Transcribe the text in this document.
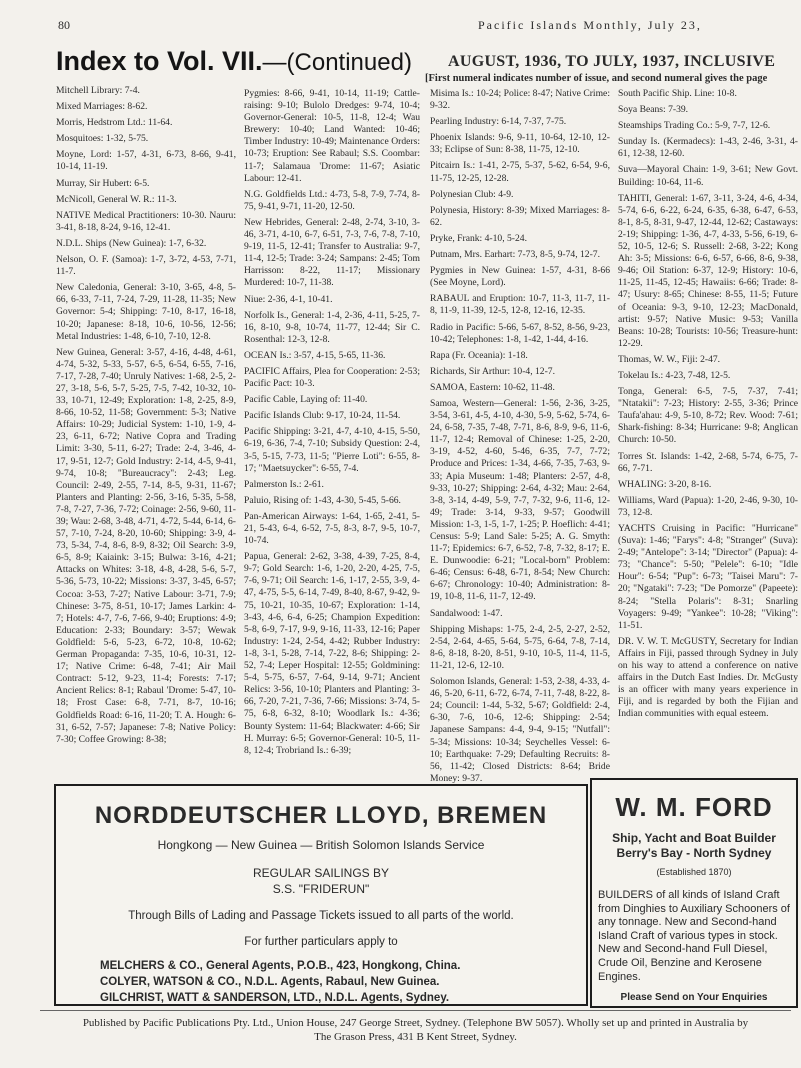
80	Pacific Islands Monthly, July 23,
Index to Vol. VII.—(Continued) AUGUST, 1936, TO JULY, 1937, INCLUSIVE
[First numeral indicates number of issue, and second numeral gives the page

Mitchell Library: 7-4.

Mixed Marriages: 8-62.

Morris, Hedstrom Ltd.: 11-64.

Mosquitoes: 1-32, 5-75.

Moyne, Lord: 1-57, 4-31, 6-73, 8-66, 9-41, 10-14, 11-19.

Murray, Sir Hubert: 6-5.

McNicoll, General W. R.: 11-3.

NATIVE Medical Practitioners: 10-30. Nauru: 3-41, 8-18, 8-24, 9-16, 12-41.

N.D.L. Ships (New Guinea): 1-7, 6-32.

Nelson, O. F. (Samoa): 1-7, 3-72, 4-53, 7-71, 11-7.

New Caledonia, General: 3-10, 3-65, 4-8, 5-66, 6-33, 7-11, 7-24, 7-29, 11-28, 11-35; New Governor: 5-4; Shipping: 7-10, 8-17, 16-18, 10-20; Japanese: 8-18, 10-6, 10-56, 12-56; Metal Industries: 1-48, 6-10, 7-10, 12-8.

New Guinea, General: 3-57, 4-16, 4-48, 4-61, 4-74, 5-32, 5-33, 5-57, 6-5, 6-54, 6-55, 7-16, 7-17, 7-28, 7-40; Unruly Natives: 1-68, 2-5, 2-27, 3-18, 5-6, 5-7, 5-25, 7-5, 7-42, 10-32, 10-33, 10-71, 12-49; Exploration: 1-8, 2-25, 8-9, 8-66, 10-52, 11-58; Government: 5-3; Native Affairs: 10-29; Judicial System: 1-10, 1-9, 4-23, 6-11, 6-72; Native Copra and Trading Limit: 3-30, 5-11, 6-27; Trade: 2-4, 3-46, 4-17, 9-51, 12-7; Gold Industry: 2-14, 4-5, 9-41, 9-74, 10-8; "Bureaucracy": 2-43; Leg. Council: 2-49, 2-55, 7-14, 8-5, 9-31, 11-67; Planters and Planting: 2-56, 3-16, 5-35, 5-58, 7-8, 7-27, 7-36, 7-72; Coinage: 2-56, 9-60, 11-39; Wau: 2-68, 3-48, 4-71, 4-72, 5-44, 6-14, 6-57, 7-10, 7-24, 8-20, 10-60; Shipping: 3-9, 4-73, 5-34, 7-4, 8-6, 8-9, 8-32; Oil Search: 3-9, 6-5, 8-9; Kaiaink: 3-15; Bulwa: 3-16, 4-21; Attacks on Whites: 3-18, 4-8, 4-28, 5-6, 5-7, 5-36, 5-73, 10-22; Missions: 3-37, 3-45, 6-57; Cocoa: 3-53, 7-27; Native Labour: 3-71, 7-9; Chinese: 3-75, 8-51, 10-17; James Larkin: 4-7; Hotels: 4-7, 7-6, 7-66, 9-40; Eruptions: 4-9; Education: 2-33; Boundary: 3-57; Wewak Goldfield: 5-6, 5-23, 6-72, 10-8, 10-62; German Propaganda: 7-35, 10-6, 10-31, 12-17; Native Crime: 6-48, 7-41; Air Mail Contract: 5-12, 9-23, 11-4; Forests: 7-17; Ancient Relics: 8-1; Rabaul 'Drome: 5-47, 10-18; Frost Case: 6-8, 7-71, 8-7, 10-16; Goldfields Road: 6-16, 11-20; T. A. Hough: 6-31, 6-52, 7-57; Japanese: 7-8; Native Policy: 7-30; Coffee Growing: 8-38;

Pygmies: 8-66, 9-41, 10-14, 11-19; Cattle-raising: 9-10; Bulolo Dredges: 9-74, 10-4; Governor-General: 10-5, 11-8, 12-4; Wau Brewery: 10-40; Land Wanted: 10-46; Timber Industry: 10-49; Maintenance Orders: 10-73; Eruption: See Rabaul; S.S. Coombar: 11-7; Salamaua 'Drome: 11-67; Asiatic Labour: 12-41.

N.G. Goldfields Ltd.: 4-73, 5-8, 7-9, 7-74, 8-75, 9-41, 9-71, 11-20, 12-50.

New Hebrides, General: 2-48, 2-74, 3-10, 3-46, 3-71, 4-10, 6-7, 6-51, 7-3, 7-6, 7-8, 7-10, 9-19, 11-5, 12-41; Transfer to Australia: 9-7, 11-4, 12-5; Trade: 3-24; Sampans: 2-45; Tom Harrisson: 8-22, 11-17; Missionary Murdered: 10-7, 11-38.

Niue: 2-36, 4-1, 10-41.

Norfolk Is., General: 1-4, 2-36, 4-11, 5-25, 7-16, 8-10, 9-8, 10-74, 11-77, 12-44; Sir C. Rosenthal: 12-3, 12-8.

OCEAN Is.: 3-57, 4-15, 5-65, 11-36.

PACIFIC Affairs, Plea for Cooperation: 2-53; Pacific Pact: 10-3.

Pacific Cable, Laying of: 11-40.

Pacific Islands Club: 9-17, 10-24, 11-54.

Pacific Shipping: 3-21, 4-7, 4-10, 4-15, 5-50, 6-19, 6-36, 7-4, 7-10; Subsidy Question: 2-4, 3-5, 5-15, 7-73, 11-5; "Pierre Loti": 6-55, 8-17; "Maetsuycker": 6-55, 7-4.

Palmerston Is.: 2-61.

Paluio, Rising of: 1-43, 4-30, 5-45, 5-66.

Pan-American Airways: 1-64, 1-65, 2-41, 5-21, 5-43, 6-4, 6-52, 7-5, 8-3, 8-7, 9-5, 10-7, 10-74.

Papua, General: 2-62, 3-38, 4-39, 7-25, 8-4, 9-7; Gold Search: 1-6, 1-20, 2-20, 4-25, 7-5, 7-6, 9-71; Oil Search: 1-6, 1-17, 2-55, 3-9, 4-47, 4-75, 5-5, 6-14, 7-49, 8-40, 8-67, 9-42, 9-75, 10-21, 10-35, 10-67; Exploration: 1-14, 3-43, 4-6, 6-4, 6-25; Champion Expedition: 5-8, 6-9, 7-17, 9-9, 9-16, 11-33, 12-16; Paper Industry: 1-24, 2-54, 4-42; Rubber Industry: 1-8, 3-1, 5-28, 7-14, 7-22, 8-6; Shipping: 2-52, 7-4; Leper Hospital: 12-55; Goldmining: 5-4, 5-75, 6-57, 7-64, 9-14, 9-71; Ancient Relics: 3-56, 10-10; Planters and Planting: 3-66, 7-20, 7-21, 7-36, 7-66; Missions: 3-74, 5-75, 6-8, 6-32, 8-10; Woodlark Is.: 4-36; Bounty System: 11-64; Blackwater: 4-66; Sir H. Murray: 6-5; Governor-General: 10-5, 11-8, 12-4; Trobriand Is.: 6-39;

Misima Is.: 10-24; Police: 8-47; Native Crime: 9-32.

Pearling Industry: 6-14, 7-37, 7-75.

Phoenix Islands: 9-6, 9-11, 10-64, 12-10, 12-33; Eclipse of Sun: 8-38, 11-75, 12-10.

Pitcairn Is.: 1-41, 2-75, 5-37, 5-62, 6-54, 9-6, 11-75, 12-25, 12-28.

Polynesian Club: 4-9.

Polynesia, History: 8-39; Mixed Marriages: 8-62.

Pryke, Frank: 4-10, 5-24.

Putnam, Mrs. Earhart: 7-73, 8-5, 9-74, 12-7.

Pygmies in New Guinea: 1-57, 4-31, 8-66 (See Moyne, Lord).

RABAUL and Eruption: 10-7, 11-3, 11-7, 11-8, 11-9, 11-39, 12-5, 12-8, 12-16, 12-35.

Radio in Pacific: 5-66, 5-67, 8-52, 8-56, 9-23, 10-42; Telephones: 1-8, 1-42, 1-44, 4-16.

Rapa (Fr. Oceania): 1-18.

Richards, Sir Arthur: 10-4, 12-7.

SAMOA, Eastern: 10-62, 11-48.

Samoa, Western—General: 1-56, 2-36, 3-25, 3-54, 3-61, 4-5, 4-10, 4-30, 5-9, 5-62, 5-74, 6-24, 6-58, 7-35, 7-48, 7-71, 8-6, 8-9, 9-6, 11-6, 11-7, 12-4; Removal of Chinese: 1-25, 2-20, 3-19, 4-52, 4-60, 5-46, 6-35, 7-7, 7-72; Produce and Prices: 1-34, 4-66, 7-35, 7-63, 9-33; Apia Museum: 1-48; Planters: 2-57, 4-8, 9-33, 10-27; Shipping: 2-64, 4-32; Mau: 2-64, 3-8, 3-14, 4-49, 5-9, 7-7, 7-32, 9-6, 11-6, 12-49; Trade: 3-14, 9-33, 9-57; Goodwill Mission: 1-3, 1-5, 1-7, 1-25; P. Hoeflich: 4-41; Census: 5-9; Land Sale: 5-25; A. G. Smyth: 11-7; Epidemics: 6-7, 6-52, 7-8, 7-32, 8-17; E. E. Dunwoodie: 6-21; "Local-born" Problem: 6-46; Census: 6-48, 6-71, 8-54; New Church: 6-67; Chronology: 10-40; Administration: 8-19, 10-8, 11-6, 11-7, 12-49.

Sandalwood: 1-47.

Shipping Mishaps: 1-75, 2-4, 2-5, 2-27, 2-52, 2-54, 2-64, 4-65, 5-64, 5-75, 6-64, 7-8, 7-14, 8-6, 8-18, 8-20, 8-51, 9-10, 10-5, 11-4, 11-5, 11-21, 12-6, 12-10.

Solomon Islands, General: 1-53, 2-38, 4-33, 4-46, 5-20, 6-11, 6-72, 6-74, 7-11, 7-48, 8-22, 8-24; Council: 1-44, 5-32, 5-67; Goldfield: 2-4, 6-30, 7-6, 10-6, 12-6; Shipping: 2-54; Japanese Sampans: 4-4, 9-4, 9-15; "Nutfall": 5-34; Missions: 10-34; Seychelles Vessel: 6-10; Earthquake: 7-29; Defaulting Recruits: 8-56, 11-42; Closed Districts: 8-64; Bride Money: 9-37.

South Pacific Ship. Line: 10-8.

Soya Beans: 7-39.

Steamships Trading Co.: 5-9, 7-7, 12-6.

Sunday Is. (Kermadecs): 1-43, 2-46, 3-31, 4-61, 12-38, 12-60.

Suva—Mayoral Chain: 1-9, 3-61; New Govt. Building: 10-64, 11-6.

TAHITI, General: 1-67, 3-11, 3-24, 4-6, 4-34, 5-74, 6-6, 6-22, 6-24, 6-35, 6-38, 6-47, 6-53, 8-1, 8-5, 8-31, 9-47, 12-44, 12-62; Castaways: 2-19; Shipping: 1-36, 4-7, 4-33, 5-56, 6-19, 6-52, 10-5, 12-6; S. Russell: 2-68, 3-22; Kong Ah: 3-5; Missions: 6-6, 6-57, 6-66, 8-6, 9-38, 9-46; Oil Station: 6-37, 12-9; History: 10-6, 11-25, 11-45, 12-45; Hawaiis: 6-66; Trade: 8-47; Usury: 8-65; Chinese: 8-55, 11-5; Future of Oceania: 9-3, 9-10, 12-23; MacDonald, artist: 9-57; Native Music: 9-53; Vanilla Beans: 10-28; Tourists: 10-56; Treasure-hunt: 12-29.

Thomas, W. W., Fiji: 2-47.

Tokelau Is.: 4-23, 7-48, 12-5.

Tonga, General: 6-5, 7-5, 7-37, 7-41; "Ntatakii": 7-23; History: 2-55, 3-36; Prince Taufa'ahau: 4-9, 5-10, 8-72; Rev. Wood: 7-61; Shark-fishing: 8-34; Hurricane: 9-8; Anglican Church: 10-50.

Torres St. Islands: 1-42, 2-68, 5-74, 6-75, 7-66, 7-71.

WHALING: 3-20, 8-16.

Williams, Ward (Papua): 1-20, 2-46, 9-30, 10-73, 12-8.

YACHTS Cruising in Pacific: "Hurricane" (Suva): 1-46; "Farys": 4-8; "Stranger" (Suva): 2-49; "Antelope": 3-14; "Director" (Papua): 4-73; "Chance": 5-50; "Pelele": 6-10; "Idle Hour": 6-54; "Pup": 6-73; "Taisei Maru": 7-20; "Ngataki": 7-23; "De Pomorze" (Papeete): 8-24; "Stella Polaris": 8-31; Snarling Voyagers: 9-49; "Yankee": 10-28; "Viking": 11-51.

DR. V. W. T. McGUSTY, Secretary for Indian Affairs in Fiji, passed through Sydney in July on his way to attend a conference on native affairs in the Dutch East Indies. Dr. McGusty is an officer with many years experience in Fiji, and is regarded by both the Fijian and Indian communities with equal esteem.

NORDDEUTSCHER LLOYD, BREMEN
Hongkong — New Guinea — British Solomon Islands Service
REGULAR SAILINGS BY
S.S. "FRIDERUN"
Through Bills of Lading and Passage Tickets issued to all parts of the world.
For further particulars apply to
MELCHERS & CO., General Agents, P.O.B., 423, Hongkong, China.
COLYER, WATSON & CO., N.D.L. Agents, Rabaul, New Guinea.
GILCHRIST, WATT & SANDERSON, LTD., N.D.L. Agents, Sydney.
W. M. FORD
Ship, Yacht and Boat Builder
Berry's Bay - North Sydney
(Established 1870)
BUILDERS of all kinds of Island Craft from Dinghies to Auxiliary Schooners of any tonnage. New and Second-hand Island Craft of various types in stock. New and Second-hand Full Diesel, Crude Oil, Benzine and Kerosene Engines.
Please Send on Your Enquiries
Published by Pacific Publications Pty. Ltd., Union House, 247 George Street, Sydney. (Telephone BW 5057). Wholly set up and printed in Australia by
The Grason Press, 431 B Kent Street, Sydney.
